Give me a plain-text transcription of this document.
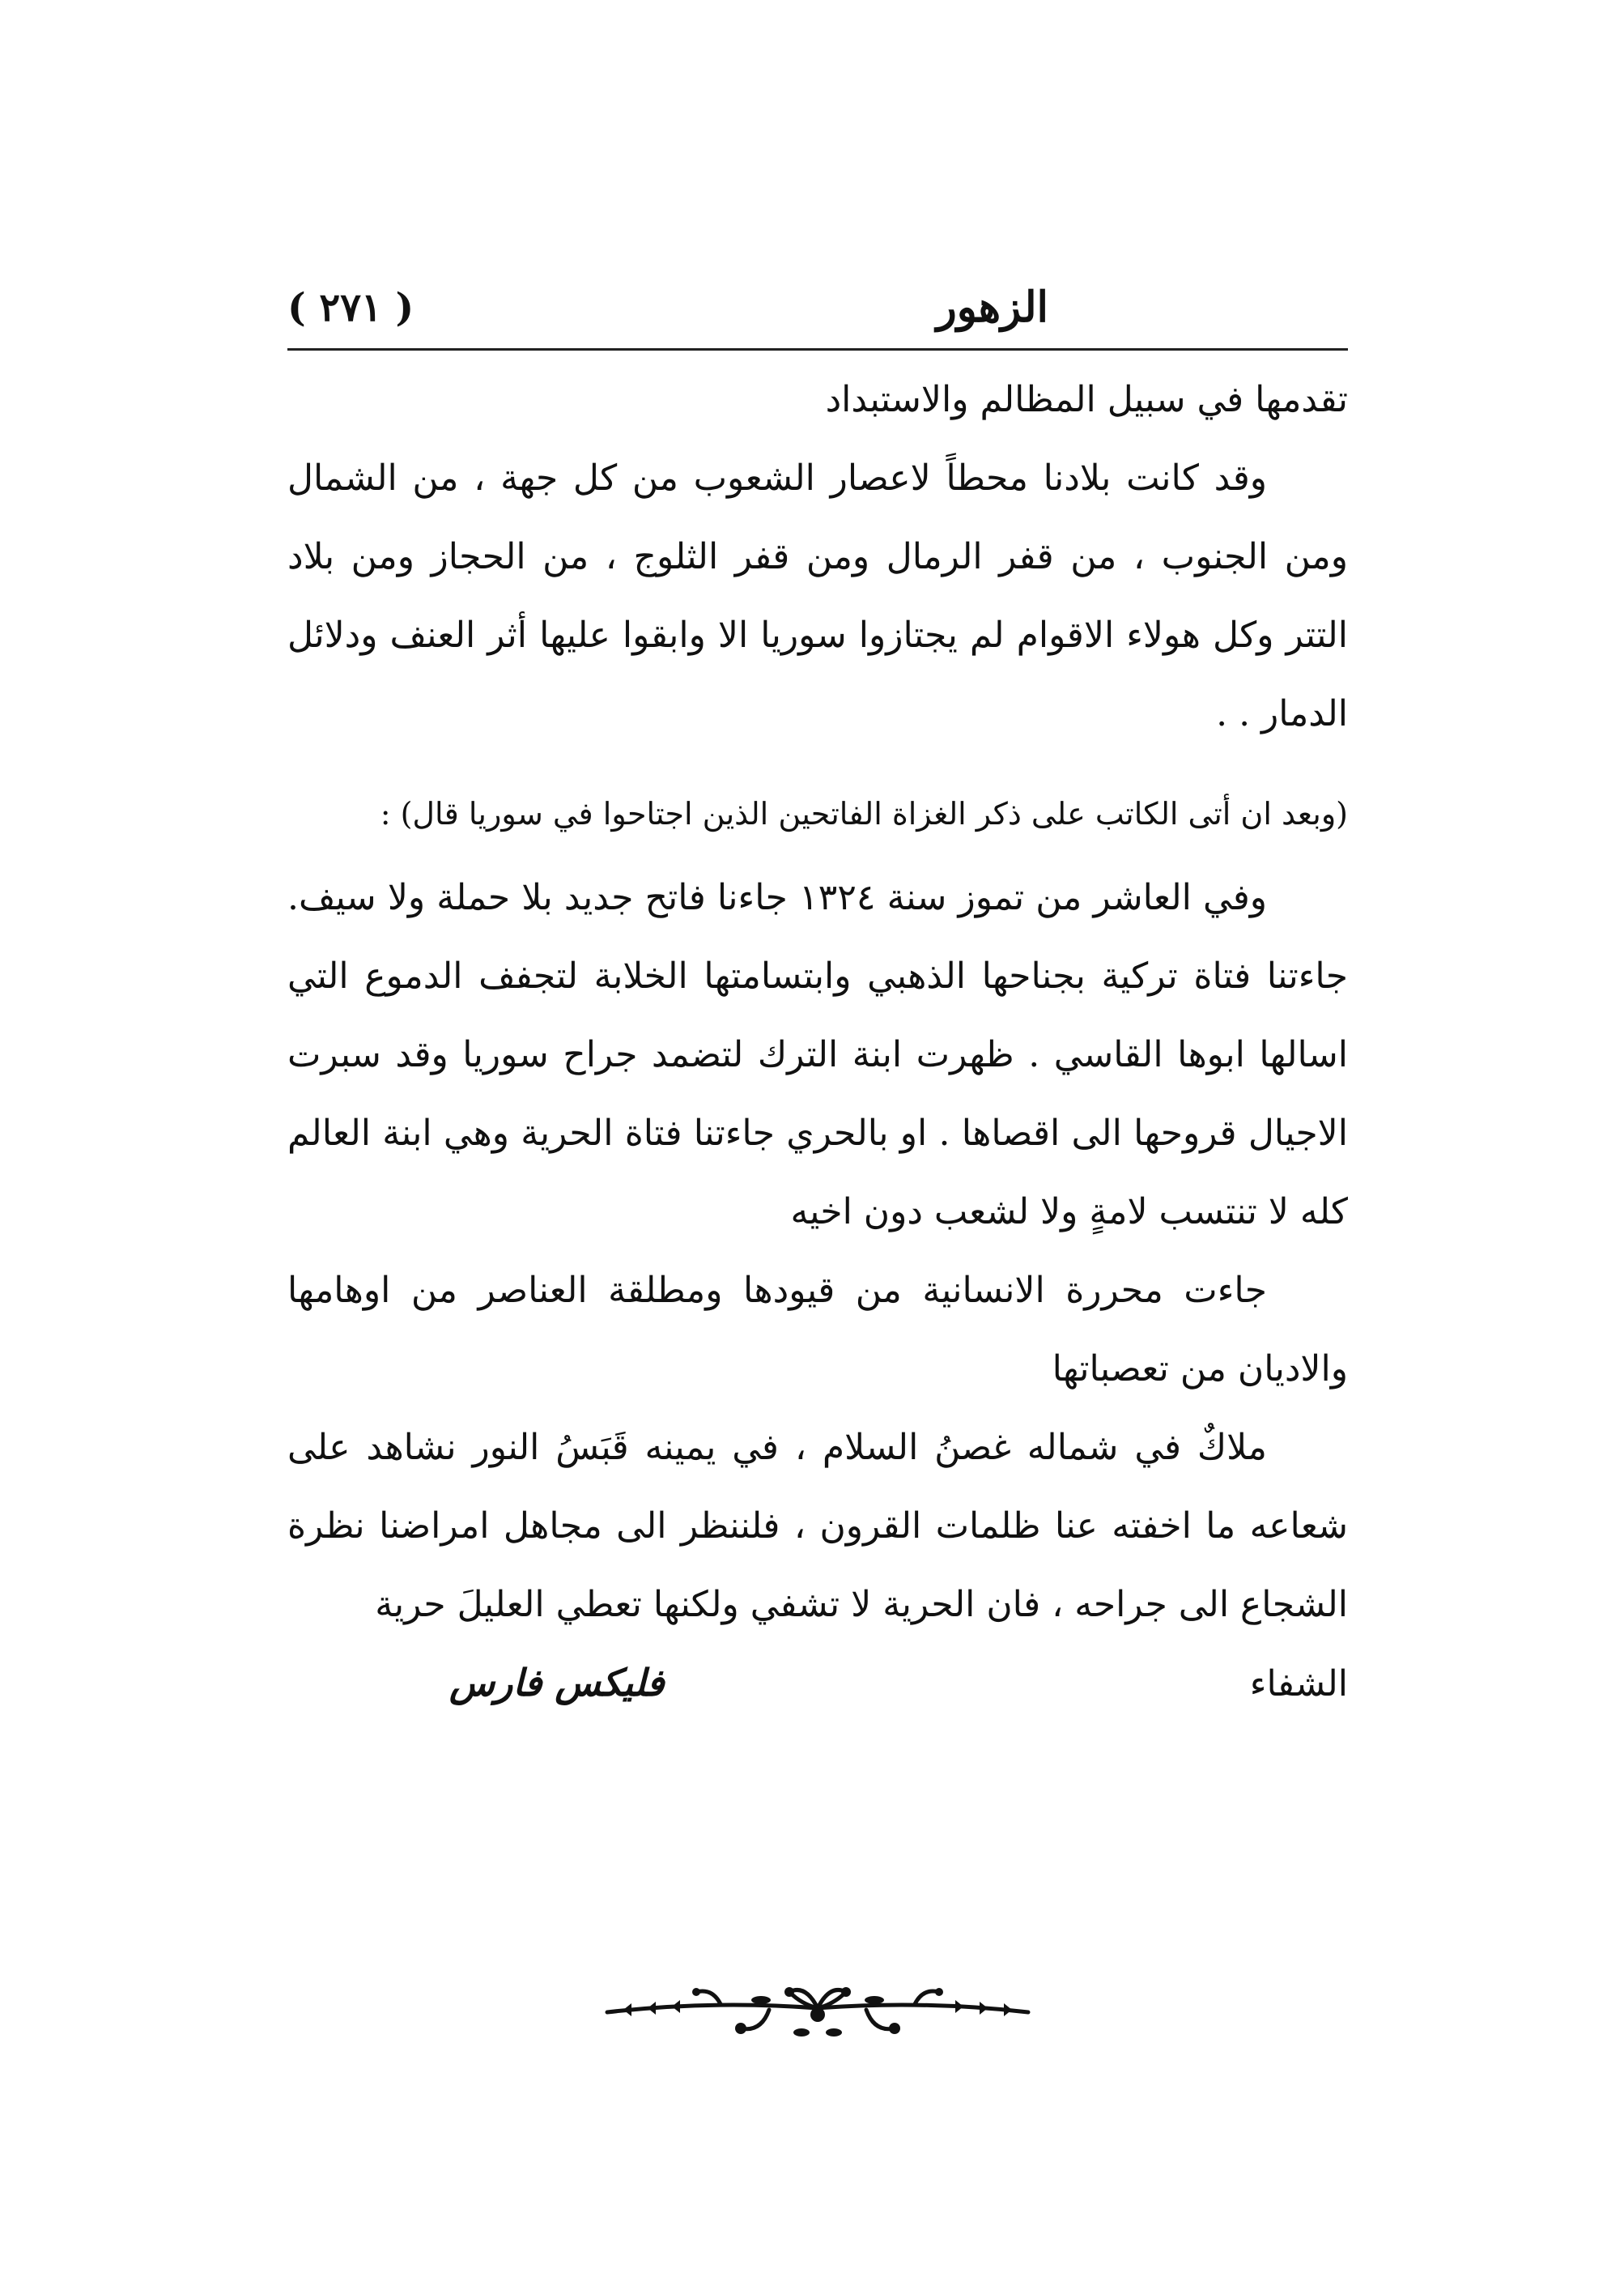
الزهور
( ٢٧١ )

تقدمها في سبيل المظالم والاستبداد

وقد كانت بلادنا محطاً لاعصار الشعوب من كل جهة ، من الشمال ومن الجنوب ، من قفر الرمال ومن قفر الثلوج ، من الحجاز ومن بلاد التتر وكل هولاء الاقوام لم يجتازوا سوريا الا وابقوا عليها أثر العنف ودلائل الدمار . .

(وبعد ان أتى الكاتب على ذكر الغزاة الفاتحين الذين اجتاحوا في سوريا قال) :

وفي العاشر من تموز سنة ١٣٢٤ جاءنا فاتح جديد بلا حملة ولا سيف. جاءتنا فتاة تركية بجناحها الذهبي وابتسامتها الخلابة لتجفف الدموع التي اسالها ابوها القاسي . ظهرت ابنة الترك لتضمد جراح سوريا وقد سبرت الاجيال قروحها الى اقصاها . او بالحري جاءتنا فتاة الحرية وهي ابنة العالم كله لا تنتسب لامةٍ ولا لشعب دون اخيه

جاءت محررة الانسانية من قيودها ومطلقة العناصر من اوهامها والاديان من تعصباتها

ملاكٌ في شماله غصنُ السلام ، في يمينه قَبَسُ النور نشاهد على شعاعه ما اخفته عنا ظلمات القرون ، فلننظر الى مجاهل امراضنا نظرة الشجاع الى جراحه ، فان الحرية لا تشفي ولكنها تعطي العليلَ حرية

الشفاء
فليكس فارس
